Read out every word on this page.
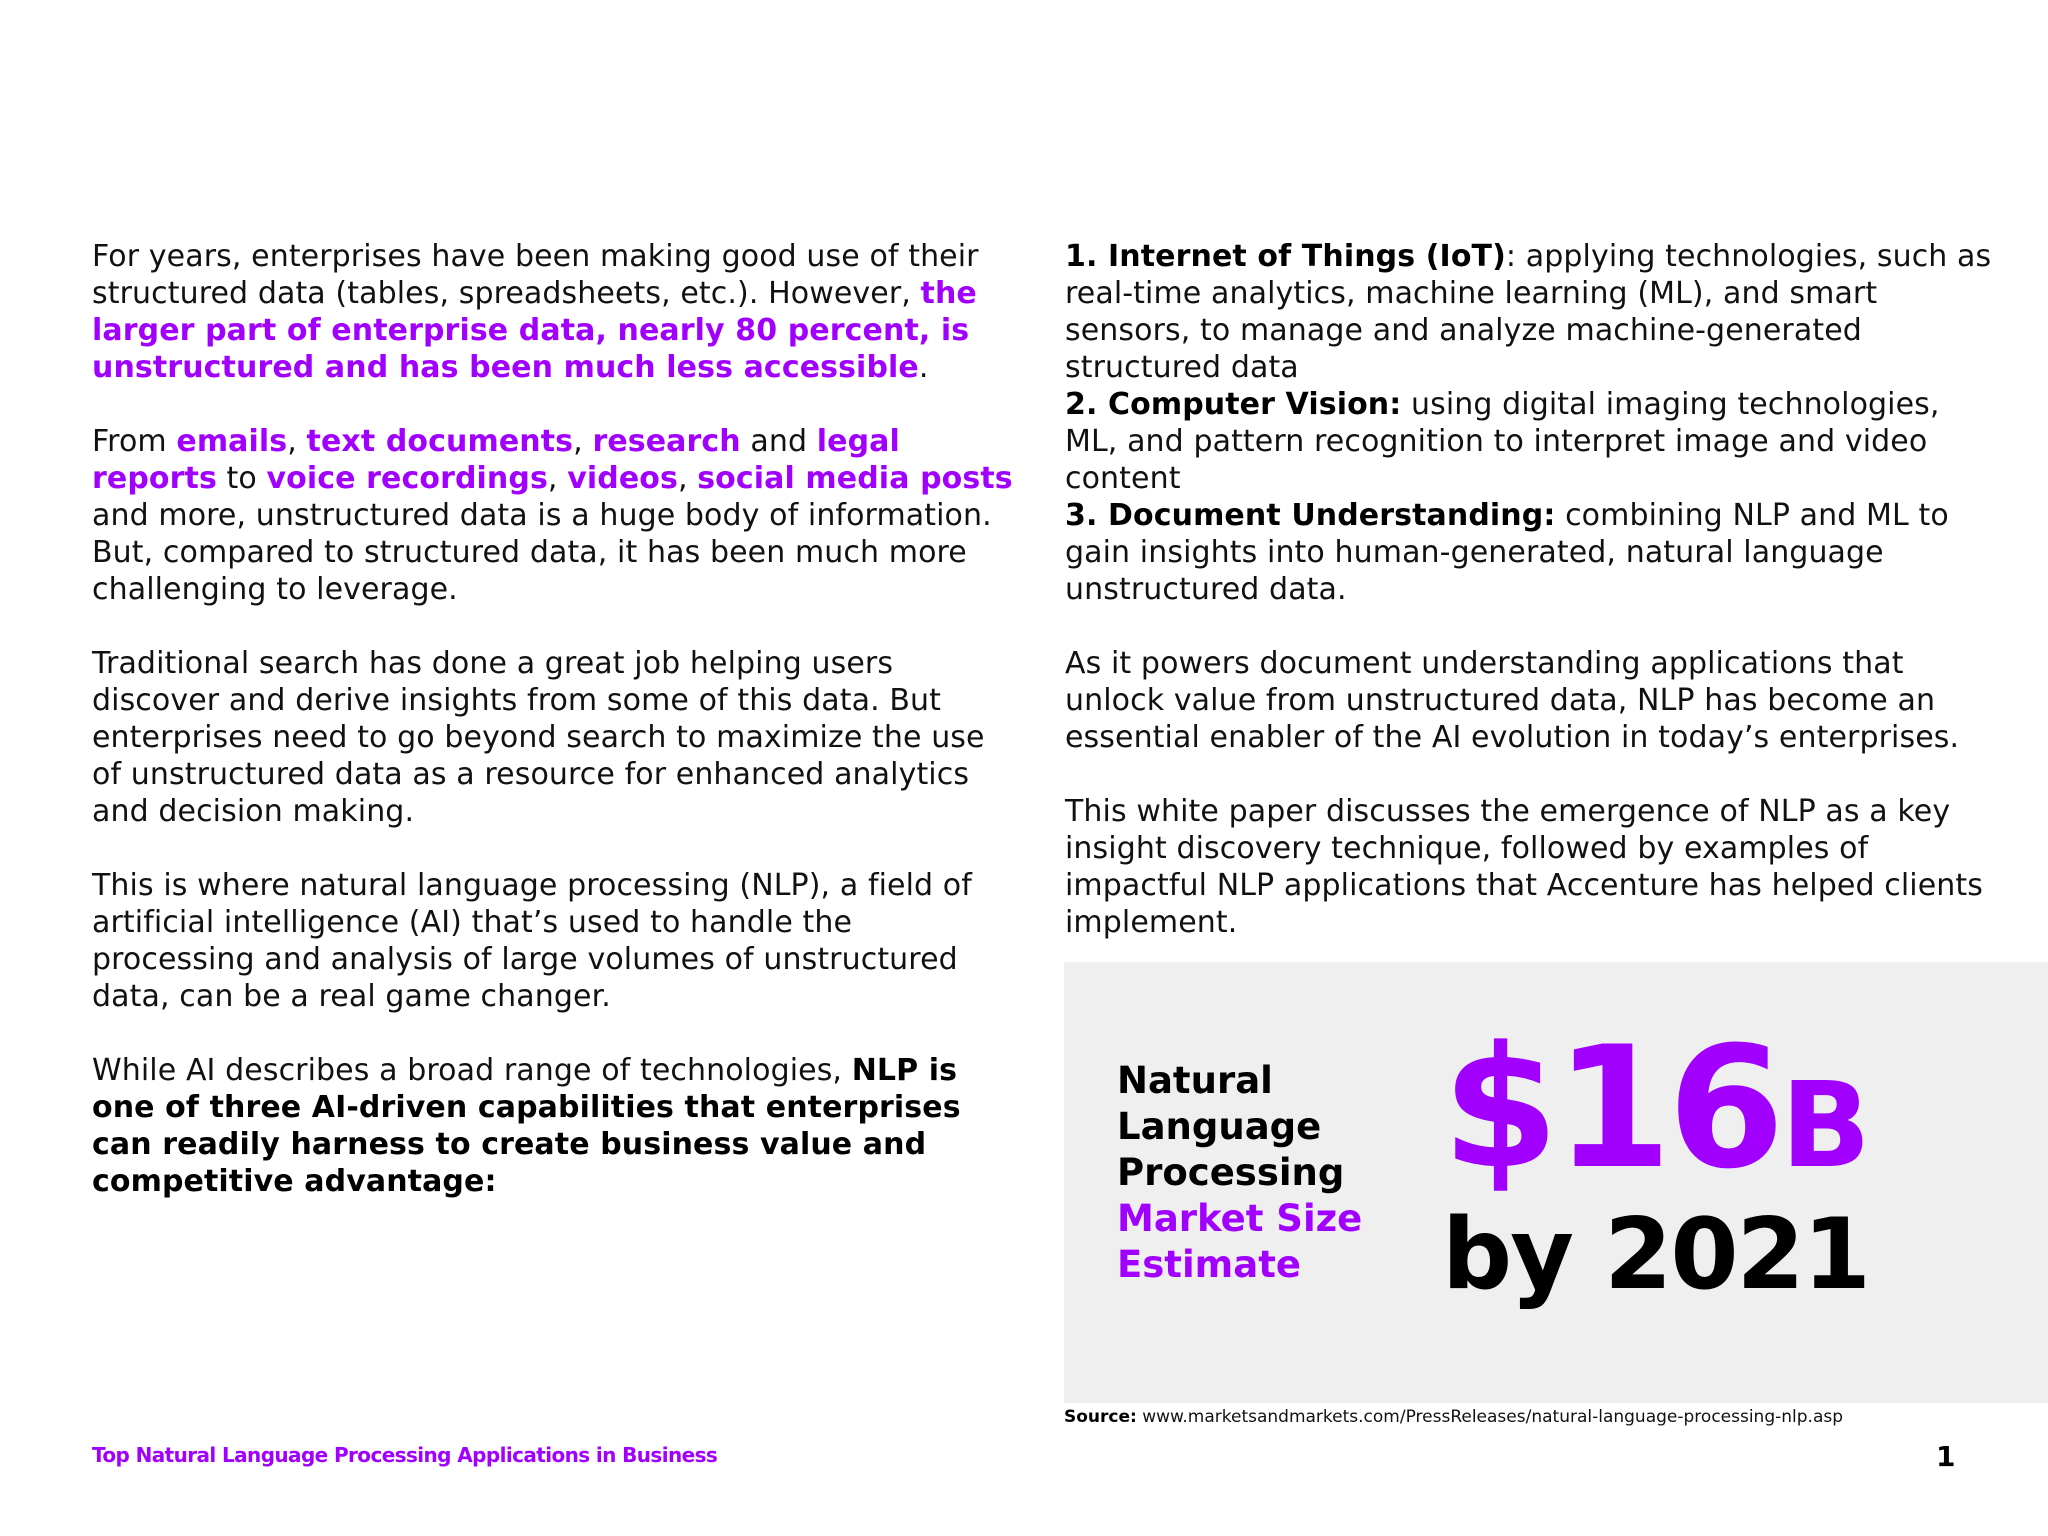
For years, enterprises have been making good use of their structured data (tables, spreadsheets, etc.). However, the larger part of enterprise data, nearly 80 percent, is unstructured and has been much less accessible.

From emails, text documents, research and legal reports to voice recordings, videos, social media posts and more, unstructured data is a huge body of information. But, compared to structured data, it has been much more challenging to leverage.

Traditional search has done a great job helping users discover and derive insights from some of this data. But enterprises need to go beyond search to maximize the use of unstructured data as a resource for enhanced analytics and decision making.

This is where natural language processing (NLP), a field of artificial intelligence (AI) that’s used to handle the processing and analysis of large volumes of unstructured data, can be a real game changer.

While AI describes a broad range of technologies, NLP is one of three AI-driven capabilities that enterprises can readily harness to create business value and competitive advantage:

1. Internet of Things (IoT): applying technologies, such as real-time analytics, machine learning (ML), and smart sensors, to manage and analyze machine-generated structured data

2. Computer Vision: using digital imaging technologies, ML, and pattern recognition to interpret image and video content

3. Document Understanding: combining NLP and ML to gain insights into human-generated, natural language unstructured data.

As it powers document understanding applications that unlock value from unstructured data, NLP has become an essential enabler of the AI evolution in today’s enterprises.

This white paper discusses the emergence of NLP as a key insight discovery technique, followed by examples of impactful NLP applications that Accenture has helped clients implement.

Natural
Language
Processing
Market Size
Estimate
$16B
by 2021
Source: www.marketsandmarkets.com/PressReleases/natural-language-processing-nlp.asp
Top Natural Language Processing Applications in Business	1
